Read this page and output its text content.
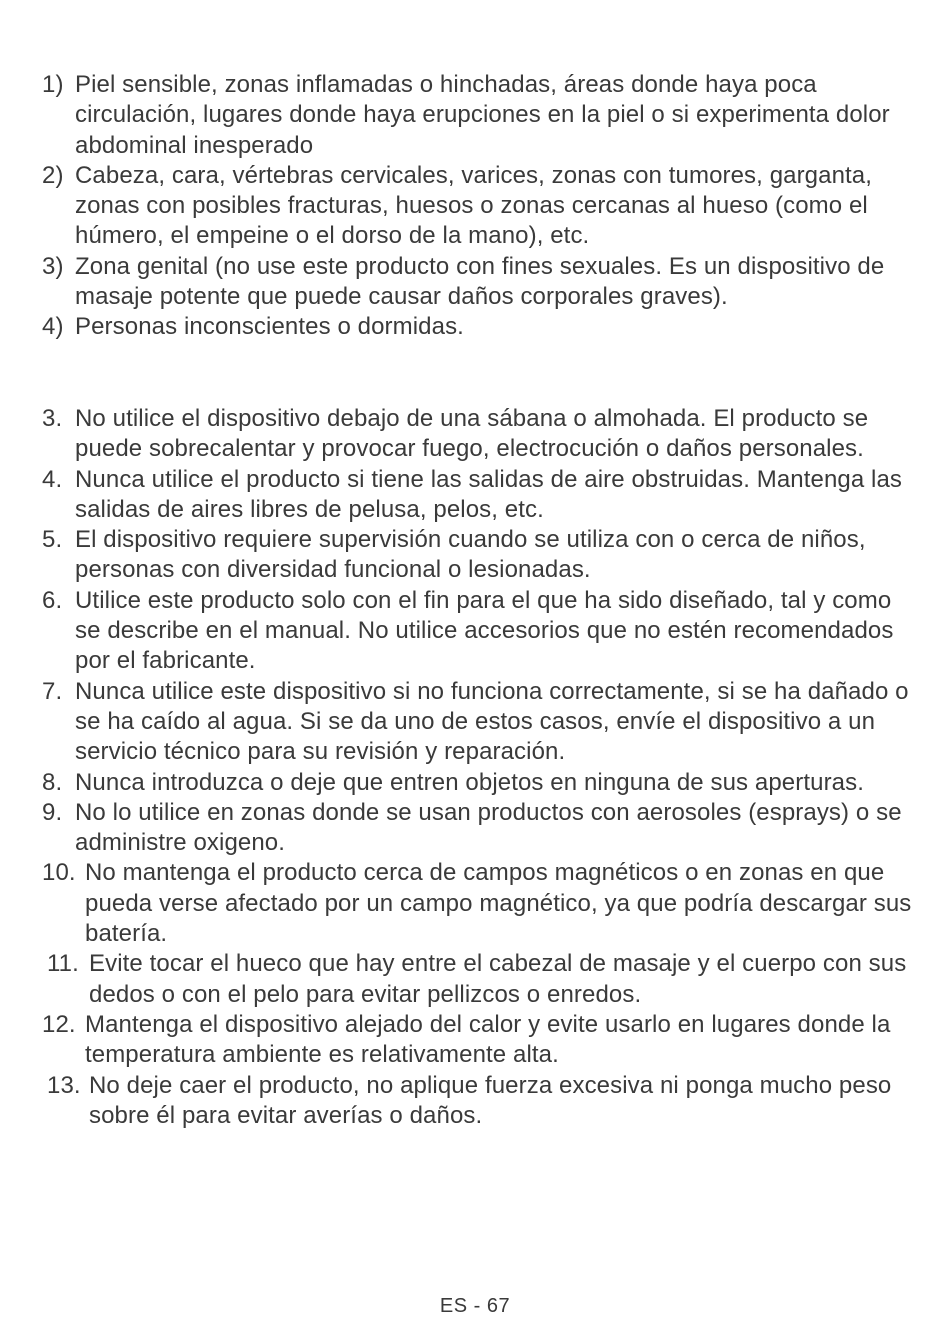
1) Piel sensible, zonas inflamadas o hinchadas, áreas donde haya poca circulación, lugares donde haya erupciones en la piel o si experimenta dolor abdominal inesperado
2) Cabeza, cara, vértebras cervicales, varices, zonas con tumores, garganta, zonas con posibles fracturas, huesos o zonas cercanas al hueso (como el húmero, el empeine o el dorso de la mano), etc.
3) Zona genital (no use este producto con fines sexuales. Es un dispositivo de masaje potente que puede causar daños corporales graves).
4) Personas inconscientes o dormidas.
3. No utilice el dispositivo debajo de una sábana o almohada. El producto se puede sobrecalentar y provocar fuego, electrocución o daños personales.
4. Nunca utilice el producto si tiene las salidas de aire obstruidas. Mantenga las salidas de aires libres de pelusa, pelos, etc.
5. El dispositivo requiere supervisión cuando se utiliza con o cerca de niños, personas con diversidad funcional o lesionadas.
6. Utilice este producto solo con el fin para el que ha sido diseñado, tal y como se describe en el manual. No utilice accesorios que no estén recomendados por el fabricante.
7. Nunca utilice este dispositivo si no funciona correctamente, si se ha dañado o se ha caído al agua. Si se da uno de estos casos, envíe el dispositivo a un servicio técnico para su revisión y reparación.
8. Nunca introduzca o deje que entren objetos en ninguna de sus aperturas.
9. No lo utilice en zonas donde se usan productos con aerosoles (esprays) o se administre oxigeno.
10. No mantenga el producto cerca de campos magnéticos o en zonas en que pueda verse afectado por un campo magnético, ya que podría descargar sus batería.
11. Evite tocar el hueco que hay entre el cabezal de masaje y el cuerpo con sus dedos o con el pelo para evitar pellizcos o enredos.
12. Mantenga el dispositivo alejado del calor y evite usarlo en lugares donde la temperatura ambiente es relativamente alta.
13. No deje caer el producto, no aplique fuerza excesiva ni ponga mucho peso sobre él para evitar averías o daños.
ES - 67
